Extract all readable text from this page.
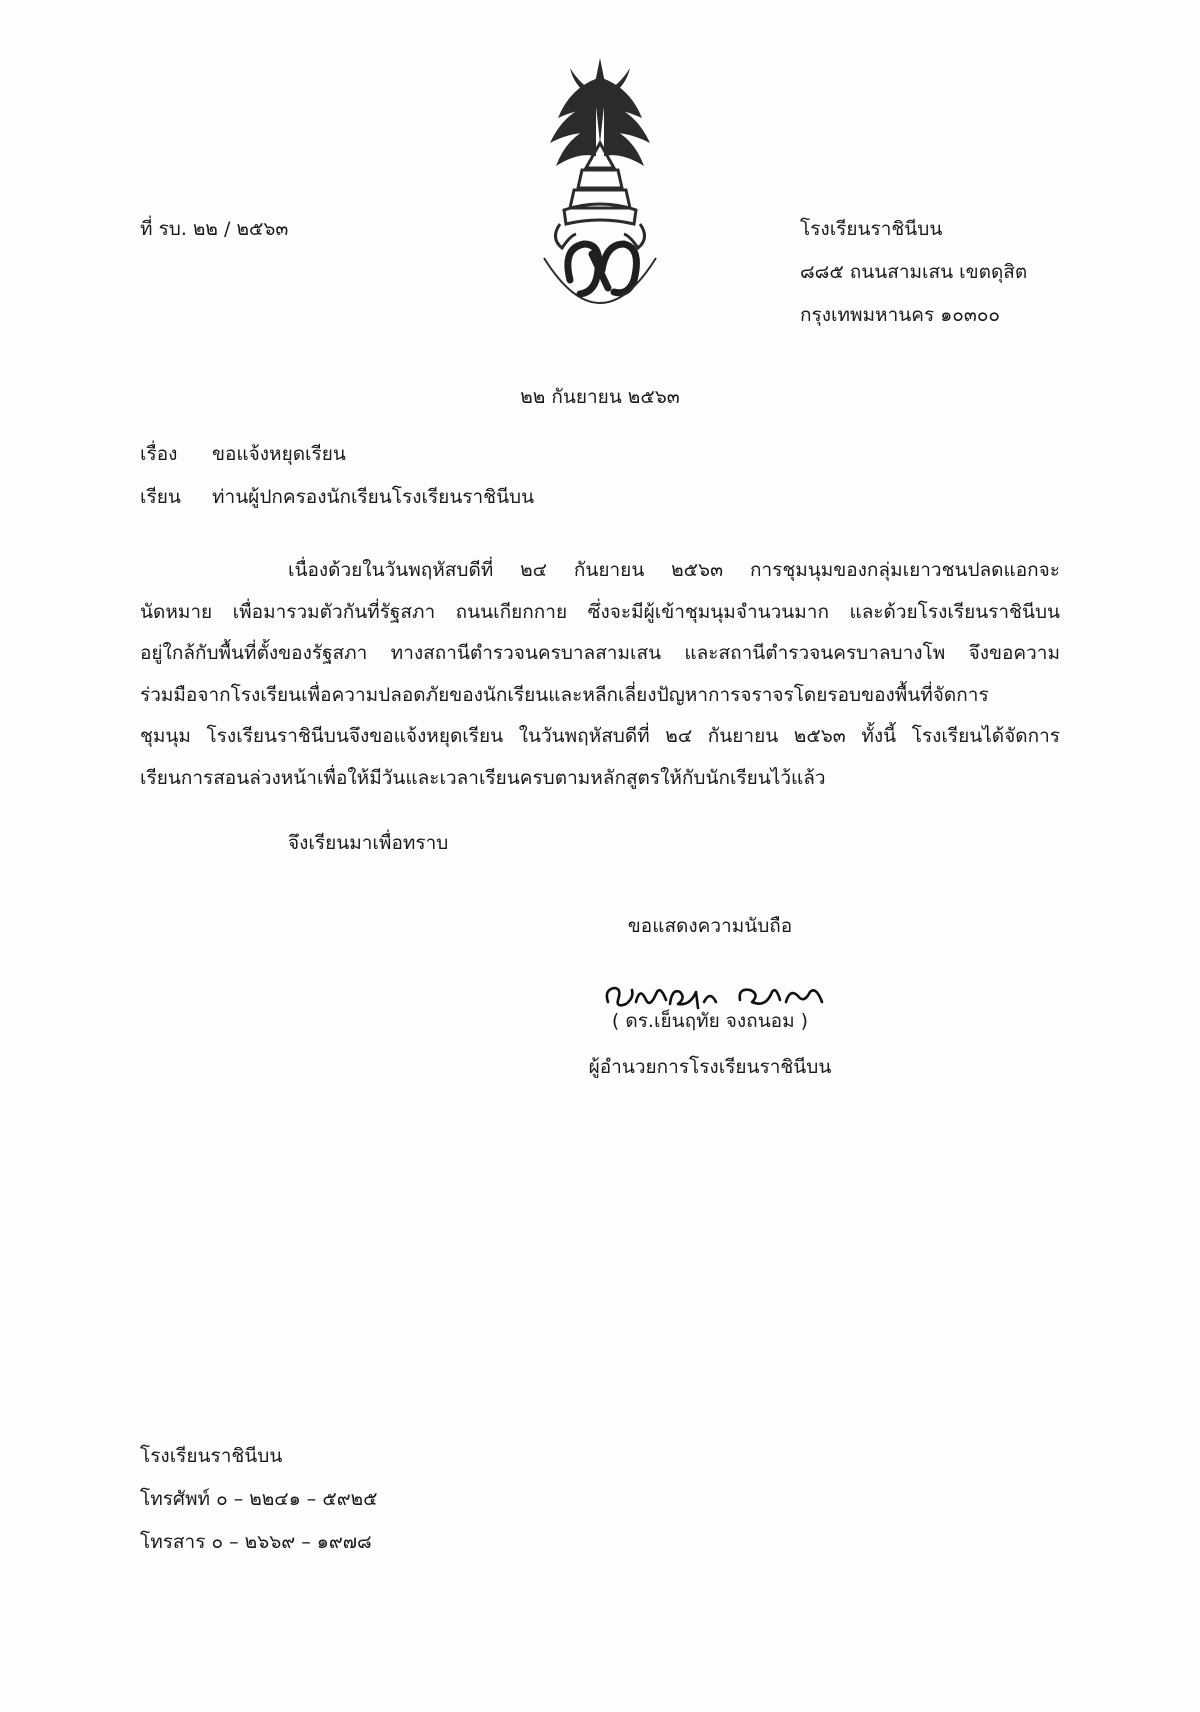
ที่ รบ. ๒๒ / ๒๕๖๓	โรงเรียนราชินีบน
๘๘๕ ถนนสามเสน เขตดุสิต
กรุงเทพมหานคร ๑๐๓๐๐
๒๒ กันยายน ๒๕๖๓
เรื่อง ขอแจ้งหยุดเรียน
เรียน ท่านผู้ปกครองนักเรียนโรงเรียนราชินีบน
เนื่องด้วยในวันพฤหัสบดีที่ ๒๔ กันยายน ๒๕๖๓ การชุมนุมของกลุ่มเยาวชนปลดแอกจะ
นัดหมาย เพื่อมารวมตัวกันที่รัฐสภา ถนนเกียกกาย ซึ่งจะมีผู้เข้าชุมนุมจำนวนมาก และด้วยโรงเรียนราชินีบน
อยู่ใกล้กับพื้นที่ตั้งของรัฐสภา ทางสถานีตำรวจนครบาลสามเสน และสถานีตำรวจนครบาลบางโพ จึงขอความ
ร่วมมือจากโรงเรียนเพื่อความปลอดภัยของนักเรียนและหลีกเลี่ยงปัญหาการจราจรโดยรอบของพื้นที่จัดการ
ชุมนุม โรงเรียนราชินีบนจึงขอแจ้งหยุดเรียน ในวันพฤหัสบดีที่ ๒๔ กันยายน ๒๕๖๓ ทั้งนี้ โรงเรียนได้จัดการ
เรียนการสอนล่วงหน้าเพื่อให้มีวันและเวลาเรียนครบตามหลักสูตรให้กับนักเรียนไว้แล้ว
จึงเรียนมาเพื่อทราบ
ขอแสดงความนับถือ
( ดร.เย็นฤทัย จงถนอม )
ผู้อำนวยการโรงเรียนราชินีบน
โรงเรียนราชินีบน
โทรศัพท์ ๐ – ๒๒๔๑ – ๕๙๒๕
โทรสาร ๐ – ๒๖๖๙ – ๑๙๗๘
